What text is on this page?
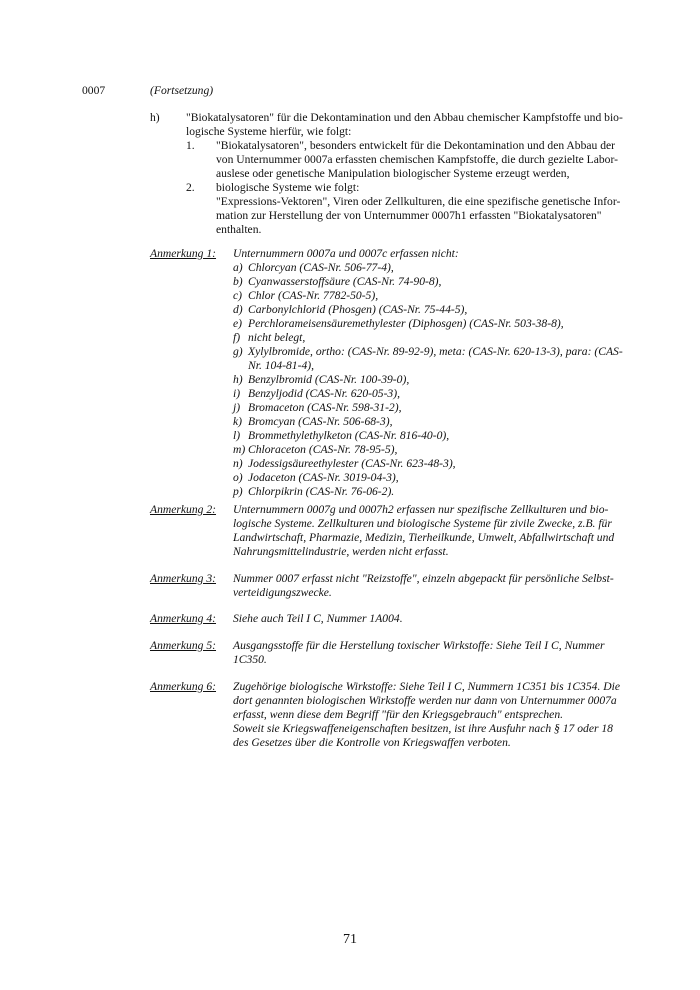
0007	(Fortsetzung)
h) "Biokatalysatoren" für die Dekontamination und den Abbau chemischer Kampfstoffe und bio-
logische Systeme hierfür, wie folgt:
1. "Biokatalysatoren", besonders entwickelt für die Dekontamination und den Abbau der
von Unternummer 0007a erfassten chemischen Kampfstoffe, die durch gezielte Labor-
auslese oder genetische Manipulation biologischer Systeme erzeugt werden,
2. biologische Systeme wie folgt:
"Expressions-Vektoren", Viren oder Zellkulturen, die eine spezifische genetische Infor-
mation zur Herstellung der von Unternummer 0007h1 erfassten "Biokatalysatoren"
enthalten.
Anmerkung 1: Unternummern 0007a und 0007c erfassen nicht:
a) Chlorcyan (CAS-Nr. 506-77-4),
b) Cyanwasserstoffsäure (CAS-Nr. 74-90-8),
c) Chlor (CAS-Nr. 7782-50-5),
d) Carbonylchlorid (Phosgen) (CAS-Nr. 75-44-5),
e) Perchlorameisensäuremethylester (Diphosgen) (CAS-Nr. 503-38-8),
f) nicht belegt,
g) Xylylbromide, ortho: (CAS-Nr. 89-92-9), meta: (CAS-Nr. 620-13-3), para: (CAS-
Nr. 104-81-4),
h) Benzylbromid (CAS-Nr. 100-39-0),
i) Benzyljodid (CAS-Nr. 620-05-3),
j) Bromaceton (CAS-Nr. 598-31-2),
k) Bromcyan (CAS-Nr. 506-68-3),
l) Brommethylethylketon (CAS-Nr. 816-40-0),
m) Chloraceton (CAS-Nr. 78-95-5),
n) Jodessigsäureethylester (CAS-Nr. 623-48-3),
o) Jodaceton (CAS-Nr. 3019-04-3),
p) Chlorpikrin (CAS-Nr. 76-06-2).
Anmerkung 2: Unternummern 0007g und 0007h2 erfassen nur spezifische Zellkulturen und bio-
logische Systeme. Zellkulturen und biologische Systeme für zivile Zwecke, z.B. für
Landwirtschaft, Pharmazie, Medizin, Tierheilkunde, Umwelt, Abfallwirtschaft und
Nahrungsmittelindustrie, werden nicht erfasst.
Anmerkung 3: Nummer 0007 erfasst nicht "Reizstoffe", einzeln abgepackt für persönliche Selbst-
verteidigungszwecke.
Anmerkung 4: Siehe auch Teil I C, Nummer 1A004.
Anmerkung 5: Ausgangsstoffe für die Herstellung toxischer Wirkstoffe: Siehe Teil I C, Nummer
1C350.
Anmerkung 6: Zugehörige biologische Wirkstoffe: Siehe Teil I C, Nummern 1C351 bis 1C354. Die
dort genannten biologischen Wirkstoffe werden nur dann von Unternummer 0007a
erfasst, wenn diese dem Begriff "für den Kriegsgebrauch" entsprechen.
Soweit sie Kriegswaffeneigenschaften besitzen, ist ihre Ausfuhr nach § 17 oder 18
des Gesetzes über die Kontrolle von Kriegswaffen verboten.
71
